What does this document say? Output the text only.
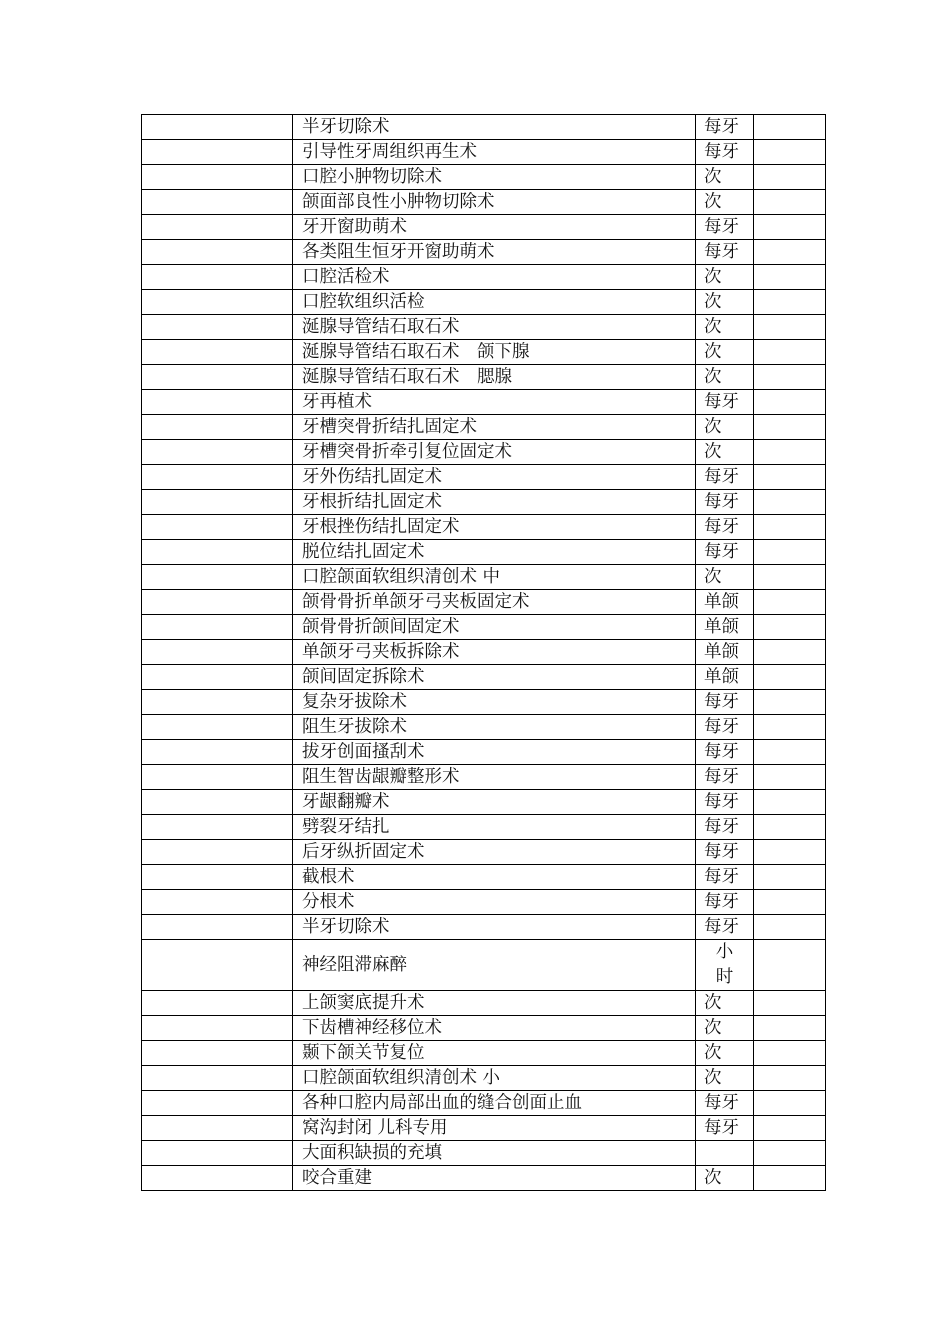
	半牙切除术	每牙	
	引导性牙周组织再生术	每牙	
	口腔小肿物切除术	次	
	颌面部良性小肿物切除术	次	
	牙开窗助萌术	每牙	
	各类阻生恒牙开窗助萌术	每牙	
	口腔活检术	次	
	口腔软组织活检	次	
	涎腺导管结石取石术	次	
	涎腺导管结石取石术　颌下腺	次	
	涎腺导管结石取石术　腮腺	次	
	牙再植术	每牙	
	牙槽突骨折结扎固定术	次	
	牙槽突骨折牵引复位固定术	次	
	牙外伤结扎固定术	每牙	
	牙根折结扎固定术	每牙	
	牙根挫伤结扎固定术	每牙	
	脱位结扎固定术	每牙	
	口腔颌面软组织清创术 中	次	
	颌骨骨折单颌牙弓夹板固定术	单颌	
	颌骨骨折颌间固定术	单颌	
	单颌牙弓夹板拆除术	单颌	
	颌间固定拆除术	单颌	
	复杂牙拔除术	每牙	
	阻生牙拔除术	每牙	
	拔牙创面搔刮术	每牙	
	阻生智齿龈瓣整形术	每牙	
	牙龈翻瓣术	每牙	
	劈裂牙结扎	每牙	
	后牙纵折固定术	每牙	
	截根术	每牙	
	分根术	每牙	
	半牙切除术	每牙	
	神经阻滞麻醉	小时	
	上颌窦底提升术	次	
	下齿槽神经移位术	次	
	颞下颌关节复位	次	
	口腔颌面软组织清创术 小	次	
	各种口腔内局部出血的缝合创面止血	每牙	
	窝沟封闭 儿科专用	每牙	
	大面积缺损的充填		
	咬合重建	次	
